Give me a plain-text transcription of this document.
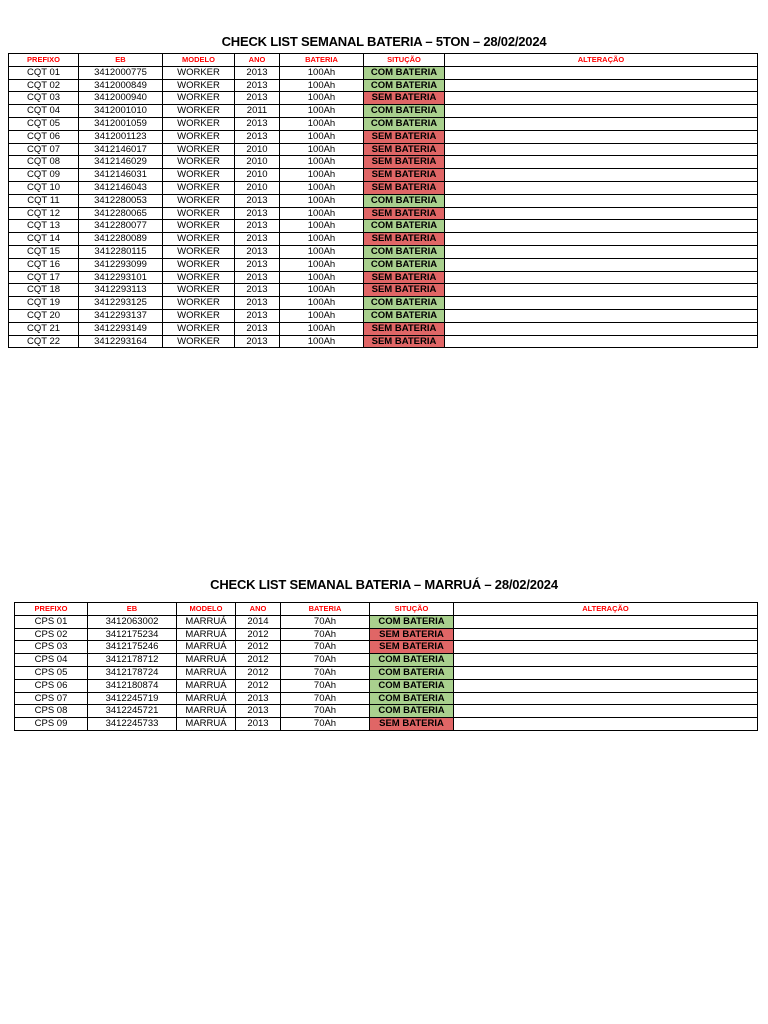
CHECK LIST SEMANAL BATERIA – 5TON – 28/02/2024
PREFIXO	EB	MODELO	ANO	BATERIA	SITUÇÃO	ALTERAÇÃO
CQT 01	3412000775	WORKER	2013	100Ah	COM BATERIA	
CQT 02	3412000849	WORKER	2013	100Ah	COM BATERIA	
CQT 03	3412000940	WORKER	2013	100Ah	SEM BATERIA	
CQT 04	3412001010	WORKER	2011	100Ah	COM BATERIA	
CQT 05	3412001059	WORKER	2013	100Ah	COM BATERIA	
CQT 06	3412001123	WORKER	2013	100Ah	SEM BATERIA	
CQT 07	3412146017	WORKER	2010	100Ah	SEM BATERIA	
CQT 08	3412146029	WORKER	2010	100Ah	SEM BATERIA	
CQT 09	3412146031	WORKER	2010	100Ah	SEM BATERIA	
CQT 10	3412146043	WORKER	2010	100Ah	SEM BATERIA	
CQT 11	3412280053	WORKER	2013	100Ah	COM BATERIA	
CQT 12	3412280065	WORKER	2013	100Ah	SEM BATERIA	
CQT 13	3412280077	WORKER	2013	100Ah	COM BATERIA	
CQT 14	3412280089	WORKER	2013	100Ah	SEM BATERIA	
CQT 15	3412280115	WORKER	2013	100Ah	COM BATERIA	
CQT 16	3412293099	WORKER	2013	100Ah	COM BATERIA	
CQT 17	3412293101	WORKER	2013	100Ah	SEM BATERIA	
CQT 18	3412293113	WORKER	2013	100Ah	SEM BATERIA	
CQT 19	3412293125	WORKER	2013	100Ah	COM BATERIA	
CQT 20	3412293137	WORKER	2013	100Ah	COM BATERIA	
CQT 21	3412293149	WORKER	2013	100Ah	SEM BATERIA	
CQT 22	3412293164	WORKER	2013	100Ah	SEM BATERIA	
CHECK LIST SEMANAL BATERIA – MARRUÁ – 28/02/2024
PREFIXO	EB	MODELO	ANO	BATERIA	SITUÇÃO	ALTERAÇÃO
CPS 01	3412063002	MARRUÁ	2014	70Ah	COM BATERIA	
CPS 02	3412175234	MARRUÁ	2012	70Ah	SEM BATERIA	
CPS 03	3412175246	MARRUÁ	2012	70Ah	SEM BATERIA	
CPS 04	3412178712	MARRUÁ	2012	70Ah	COM BATERIA	
CPS 05	3412178724	MARRUÁ	2012	70Ah	COM BATERIA	
CPS 06	3412180874	MARRUÁ	2012	70Ah	COM BATERIA	
CPS 07	3412245719	MARRUÁ	2013	70Ah	COM BATERIA	
CPS 08	3412245721	MARRUÁ	2013	70Ah	COM BATERIA	
CPS 09	3412245733	MARRUÁ	2013	70Ah	SEM BATERIA	
